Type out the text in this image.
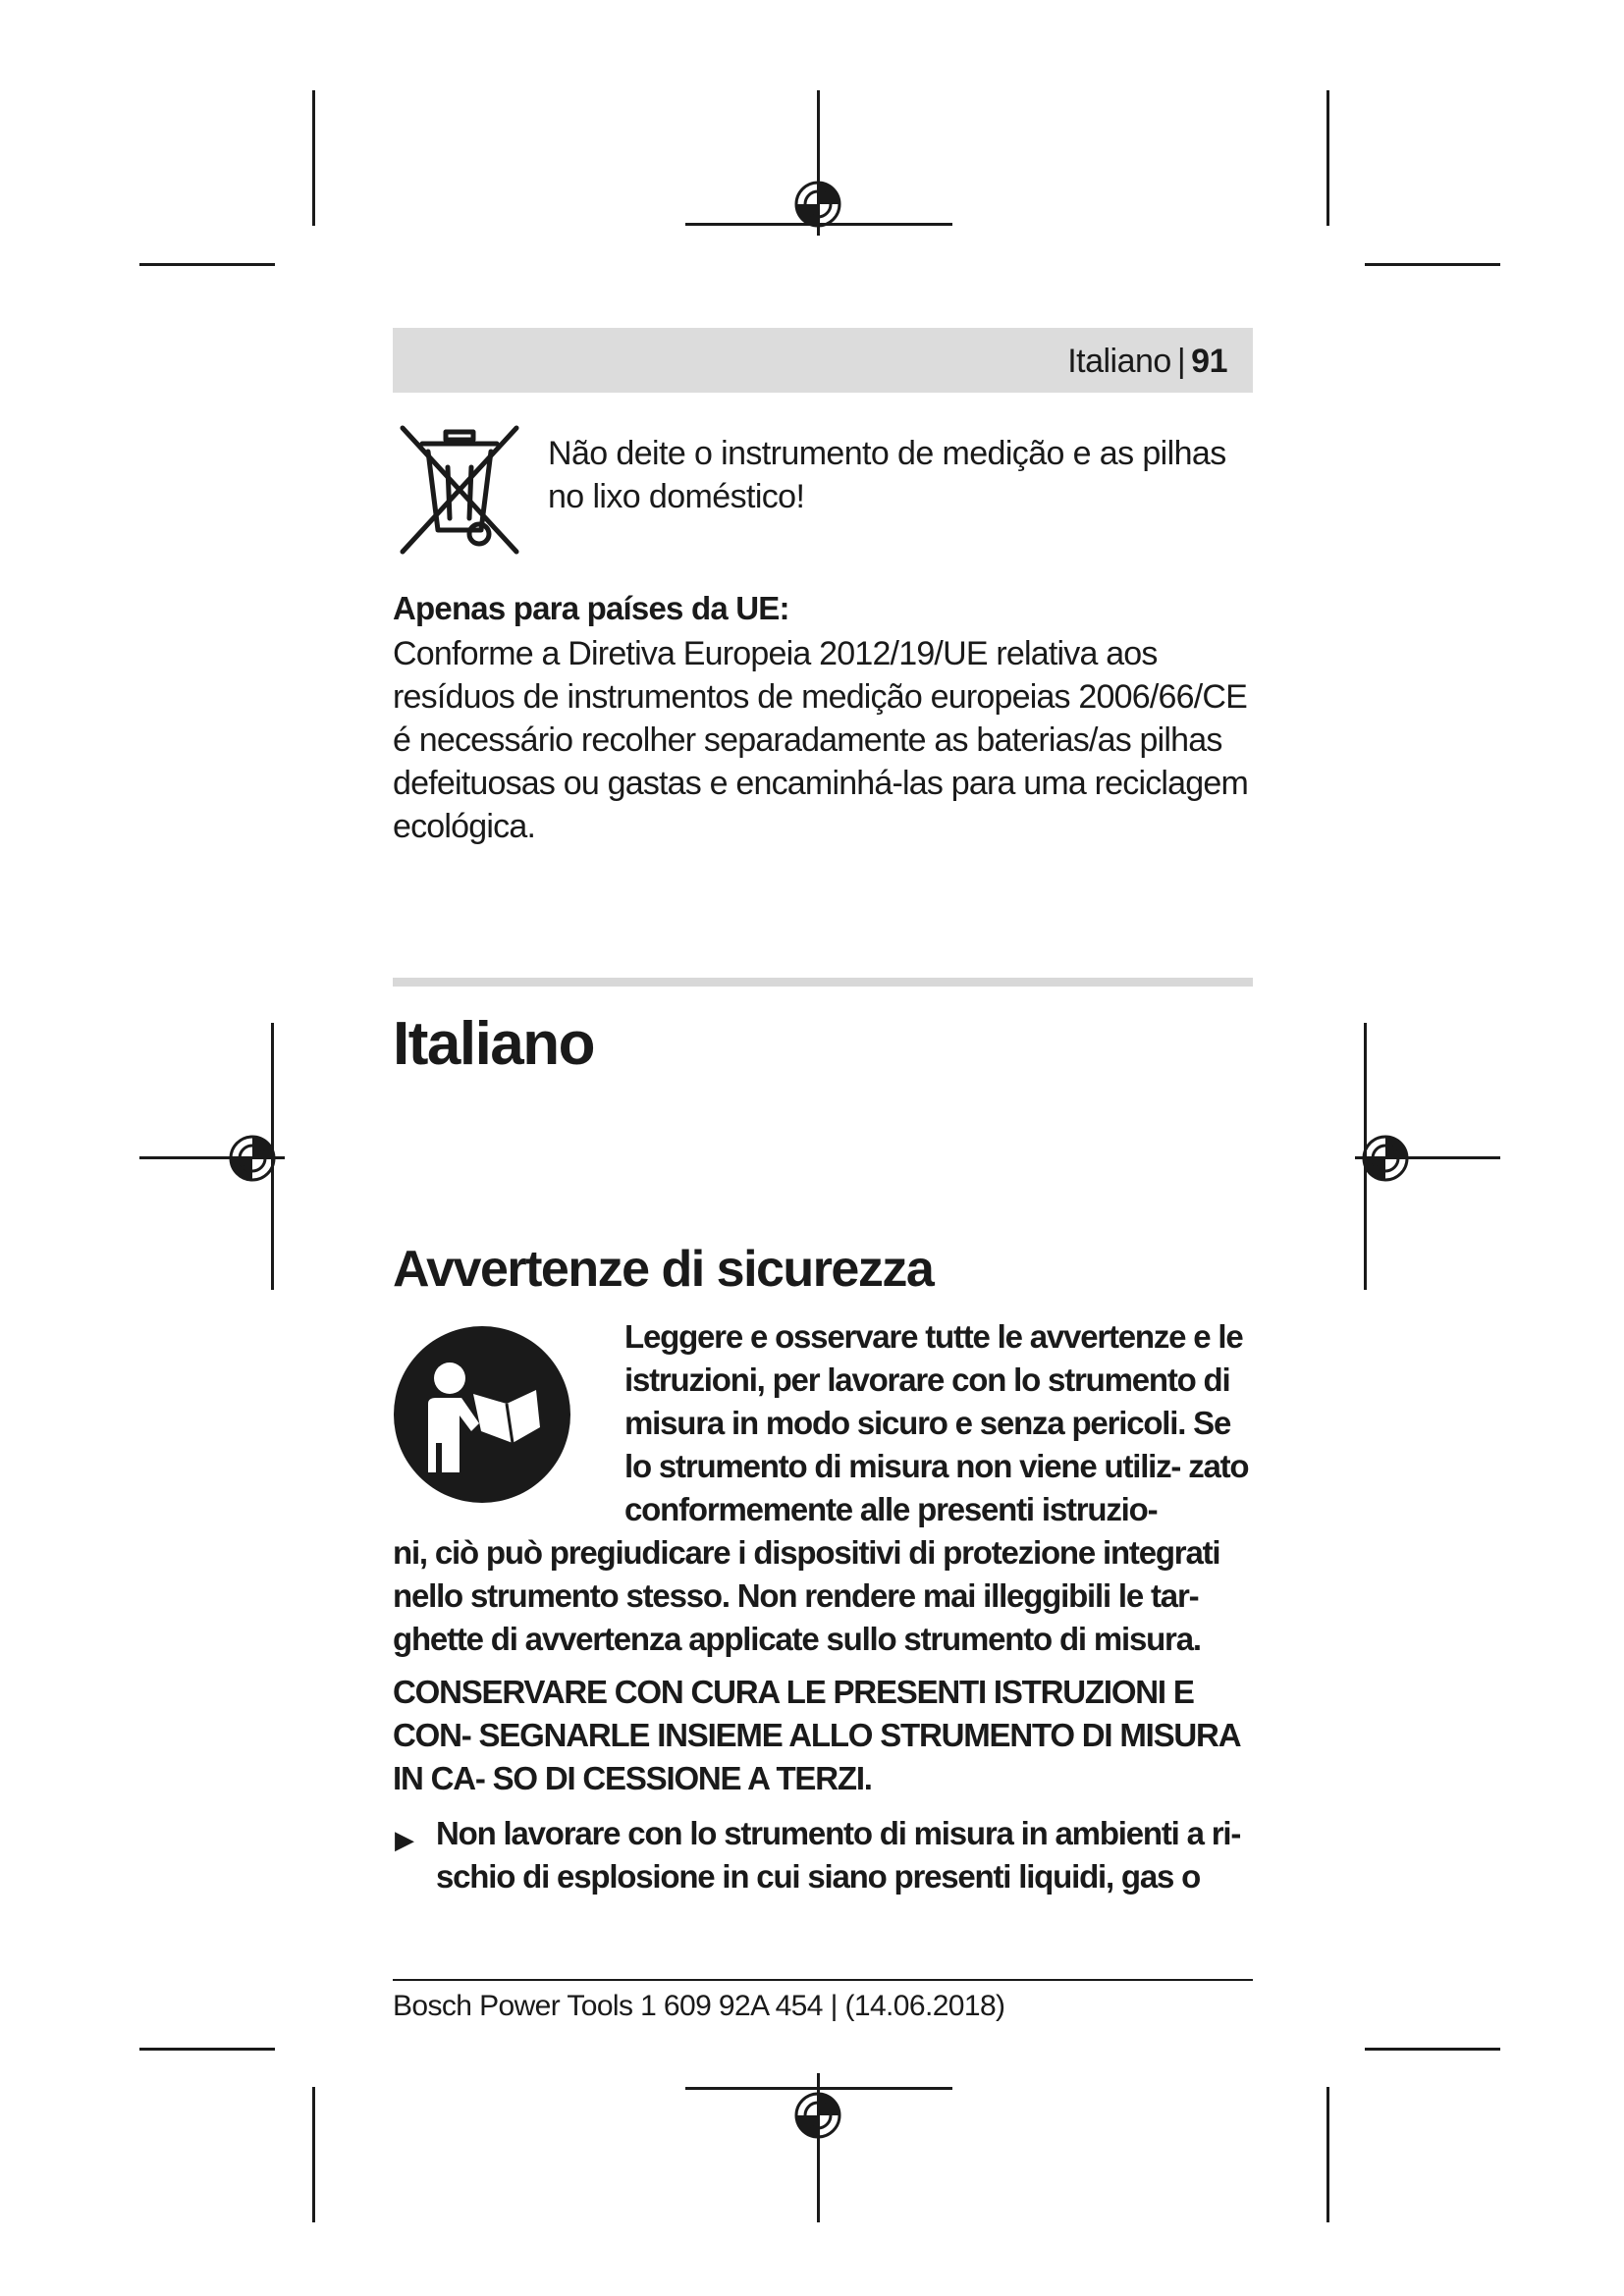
Italiano | 91
Não deite o instrumento de medição e as pilhas no lixo doméstico!
Apenas para países da UE:
Conforme a Diretiva Europeia 2012/19/UE relativa aos resíduos de instrumentos de medição europeias 2006/66/CE é necessário recolher separadamente as baterias/as pilhas defeituosas ou gastas e encaminhá-las para uma reciclagem ecológica.
Italiano
Avvertenze di sicurezza
Leggere e osservare tutte le avvertenze e le istruzioni, per lavorare con lo strumento di misura in modo sicuro e senza pericoli. Se lo strumento di misura non viene utiliz- zato conformemente alle presenti istruzio-
ni, ciò può pregiudicare i dispositivi di protezione integrati nello strumento stesso. Non rendere mai illeggibili le tar- ghette di avvertenza applicate sullo strumento di misura.
CONSERVARE CON CURA LE PRESENTI ISTRUZIONI E CON- SEGNARLE INSIEME ALLO STRUMENTO DI MISURA IN CA- SO DI CESSIONE A TERZI.
▶ Non lavorare con lo strumento di misura in ambienti a ri- schio di esplosione in cui siano presenti liquidi, gas o
Bosch Power Tools 1 609 92A 454 | (14.06.2018)
